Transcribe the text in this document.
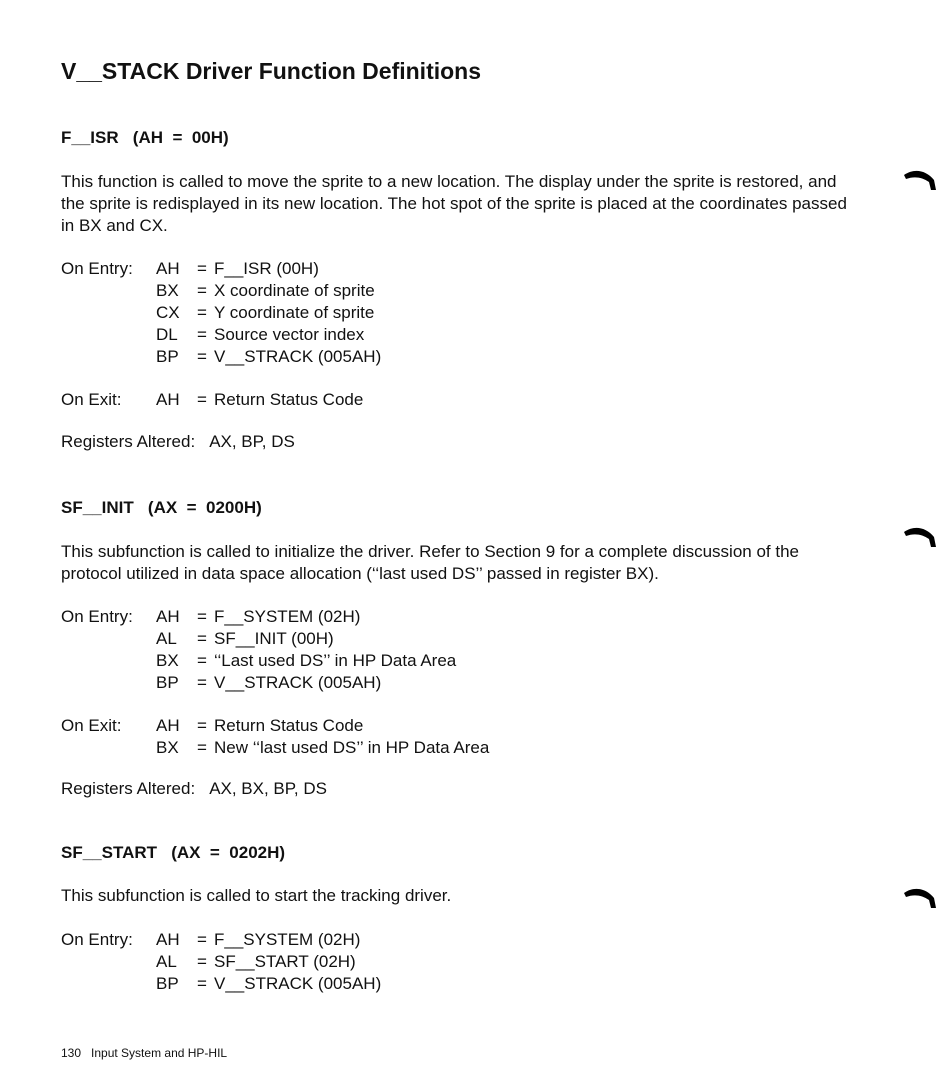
V__STACK Driver Function Definitions
F__ISR   (AH  =  00H)

This function is called to move the sprite to a new location. The display under the sprite is restored, and the sprite is redisplayed in its new location. The hot spot of the sprite is placed at the coordinates passed in BX and CX.

On Entry: AH	= F__ISR (00H)
BX	= X coordinate of sprite
CX	= Y coordinate of sprite
DL	= Source vector index
BP	= V__STRACK (005AH)
On Exit: AH	= Return Status Code
Registers Altered: AX, BP, DS
SF__INIT   (AX  =  0200H)

This subfunction is called to initialize the driver. Refer to Section 9 for a complete discussion of the protocol utilized in data space allocation (‘‘last used DS’’ passed in register BX).

On Entry: AH	= F__SYSTEM (02H)
AL	= SF__INIT (00H)
BX	= ‘‘Last used DS’’ in HP Data Area
BP	= V__STRACK (005AH)
On Exit: AH	= Return Status Code
BX	= New ‘‘last used DS’’ in HP Data Area
Registers Altered: AX, BX, BP, DS
SF__START   (AX  =  0202H)

This subfunction is called to start the tracking driver.

On Entry: AH	= F__SYSTEM (02H)
AL	= SF__START (02H)
BP	= V__STRACK (005AH)
130 Input System and HP-HIL
